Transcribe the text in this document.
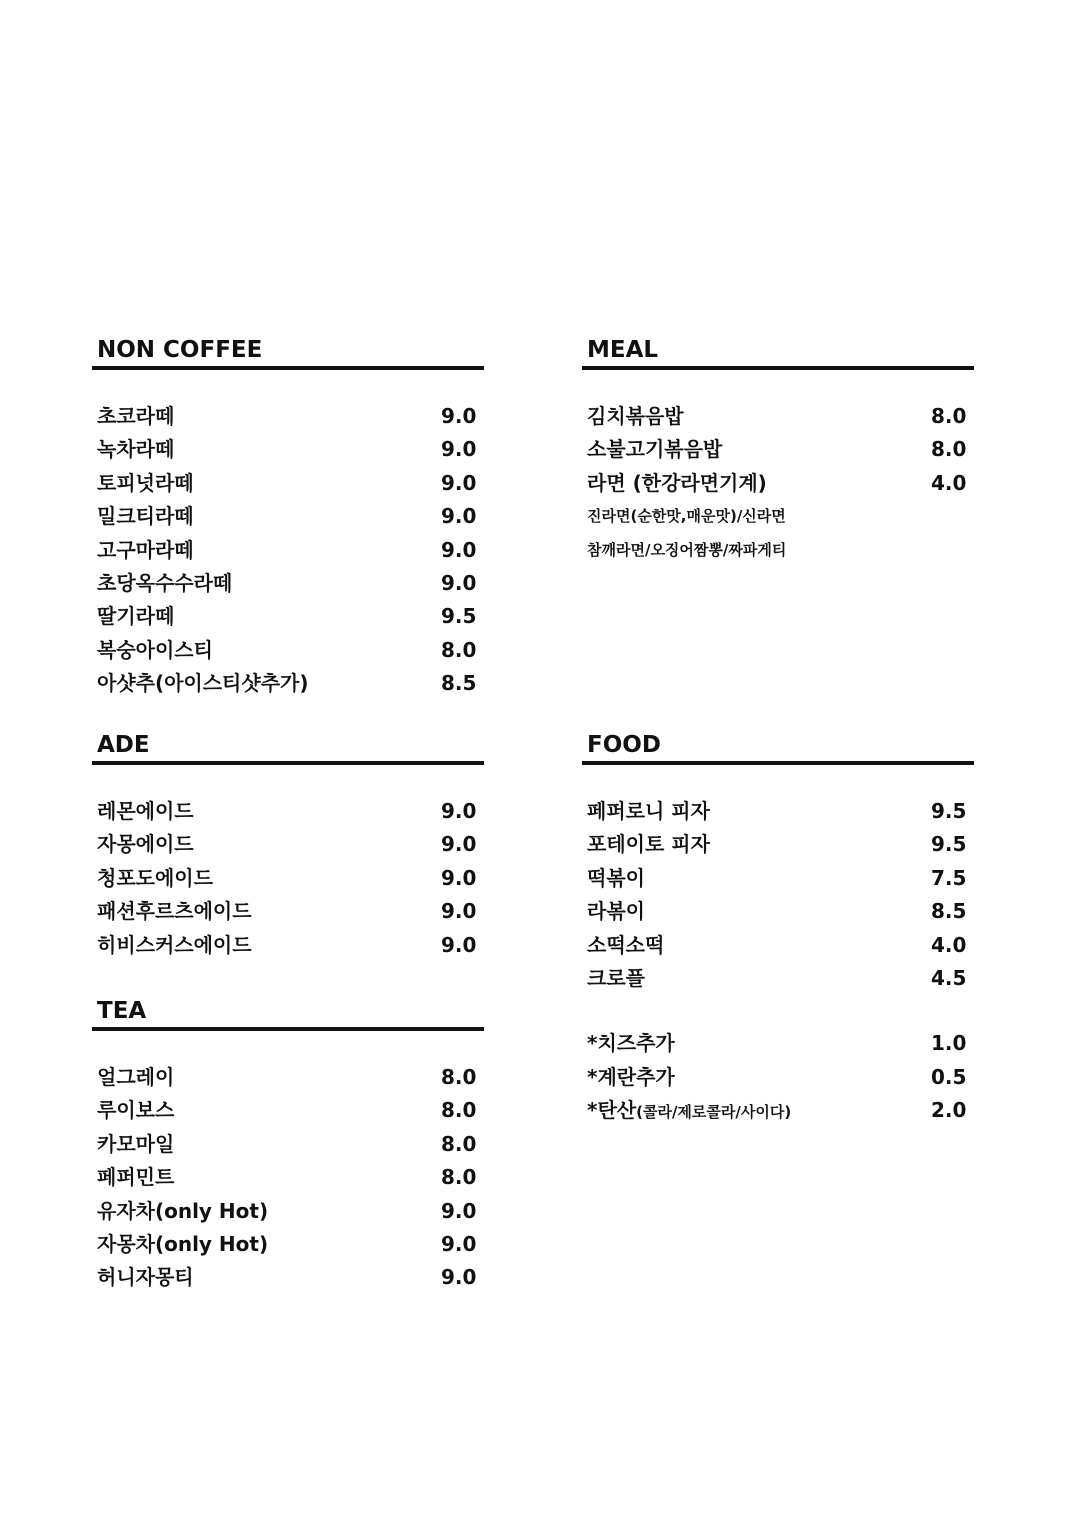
NON COFFEE
초코라떼	9.0
녹차라떼	9.0
토피넛라떼	9.0
밀크티라떼	9.0
고구마라떼	9.0
초당옥수수라떼	9.0
딸기라떼	9.5
복숭아이스티	8.0
아샷추(아이스티샷추가)	8.5
ADE
레몬에이드	9.0
자몽에이드	9.0
청포도에이드	9.0
패션후르츠에이드	9.0
히비스커스에이드	9.0
TEA
얼그레이	8.0
루이보스	8.0
카모마일	8.0
페퍼민트	8.0
유자차(only Hot)	9.0
자몽차(only Hot)	9.0
허니자몽티	9.0
MEAL
김치볶음밥	8.0
소불고기볶음밥	8.0
라면 (한강라면기계)	4.0
진라면(순한맛,매운맛)/신라면
참깨라면/오징어짬뽕/짜파게티
FOOD
페퍼로니 피자	9.5
포테이토 피자	9.5
떡볶이	7.5
라볶이	8.5
소떡소떡	4.0
크로플	4.5
*치즈추가	1.0
*계란추가	0.5
*탄산(콜라/제로콜라/사이다)	2.0
